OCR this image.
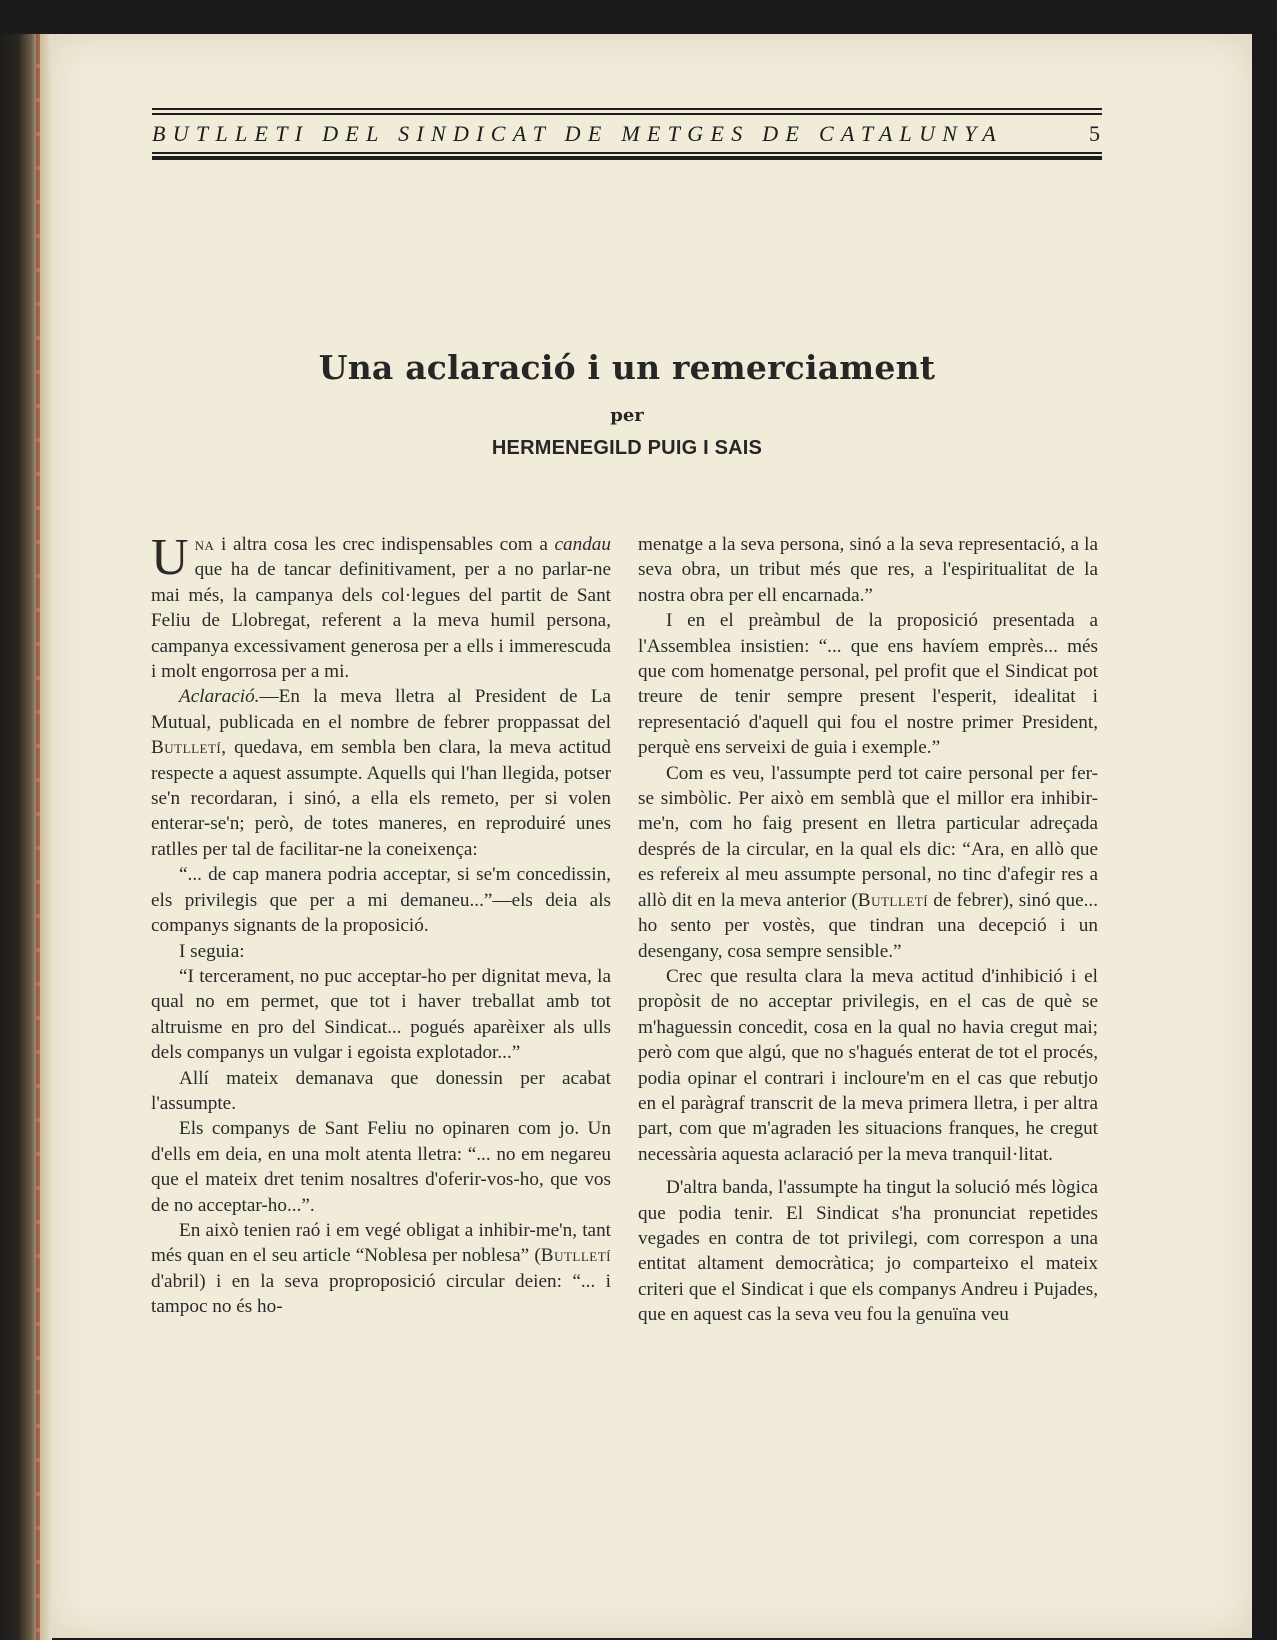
BUTLLETI DEL SINDICAT DE METGES DE CATALUNYA	5
Una aclaració i un remerciament
per
HERMENEGILD PUIG I SAIS

Una i altra cosa les crec indispensables com a candau que ha de tancar definitivament, per a no parlar-ne mai més, la campanya dels col·legues del partit de Sant Feliu de Llobregat, referent a la meva humil persona, campanya excessivament generosa per a ells i immerescuda i molt engorrosa per a mi.

Aclaració.—En la meva lletra al President de La Mutual, publicada en el nombre de febrer proppassat del Butlletí, quedava, em sembla ben clara, la meva actitud respecte a aquest assumpte. Aquells qui l'han llegida, potser se'n recordaran, i sinó, a ella els remeto, per si volen enterar-se'n; però, de totes maneres, en reproduiré unes ratlles per tal de facilitar-ne la coneixença:

“... de cap manera podria acceptar, si se'm concedissin, els privilegis que per a mi demaneu...”—els deia als companys signants de la proposició.

I seguia:

“I tercerament, no puc acceptar-ho per dignitat meva, la qual no em permet, que tot i haver treballat amb tot altruisme en pro del Sindicat... pogués aparèixer als ulls dels companys un vulgar i egoista explotador...”

Allí mateix demanava que donessin per acabat l'assumpte.

Els companys de Sant Feliu no opinaren com jo. Un d'ells em deia, en una molt atenta lletra: “... no em negareu que el mateix dret tenim nosaltres d'oferir-vos-ho, que vos de no acceptar-ho...”.

En això tenien raó i em vegé obligat a inhibir-me'n, tant més quan en el seu article “Noblesa per noblesa” (Butlletí d'abril) i en la seva proproposició circular deien: “... i tampoc no és ho-

menatge a la seva persona, sinó a la seva representació, a la seva obra, un tribut més que res, a l'espiritualitat de la nostra obra per ell encarnada.”

I en el preàmbul de la proposició presentada a l'Assemblea insistien: “... que ens havíem emprès... més que com homenatge personal, pel profit que el Sindicat pot treure de tenir sempre present l'esperit, idealitat i representació d'aquell qui fou el nostre primer President, perquè ens serveixi de guia i exemple.”

Com es veu, l'assumpte perd tot caire personal per fer-se simbòlic. Per això em semblà que el millor era inhibir-me'n, com ho faig present en lletra particular adreçada després de la circular, en la qual els dic: “Ara, en allò que es refereix al meu assumpte personal, no tinc d'afegir res a allò dit en la meva anterior (Butlletí de febrer), sinó que... ho sento per vostès, que tindran una decepció i un desengany, cosa sempre sensible.”

Crec que resulta clara la meva actitud d'inhibició i el propòsit de no acceptar privilegis, en el cas de què se m'haguessin concedit, cosa en la qual no havia cregut mai; però com que algú, que no s'hagués enterat de tot el procés, podia opinar el contrari i incloure'm en el cas que rebutjo en el paràgraf transcrit de la meva primera lletra, i per altra part, com que m'agraden les situacions franques, he cregut necessària aquesta aclaració per la meva tranquil·litat.

D'altra banda, l'assumpte ha tingut la solució més lògica que podia tenir. El Sindicat s'ha pronunciat repetides vegades en contra de tot privilegi, com correspon a una entitat altament democràtica; jo comparteixo el mateix criteri que el Sindicat i que els companys Andreu i Pujades, que en aquest cas la seva veu fou la genuïna veu
